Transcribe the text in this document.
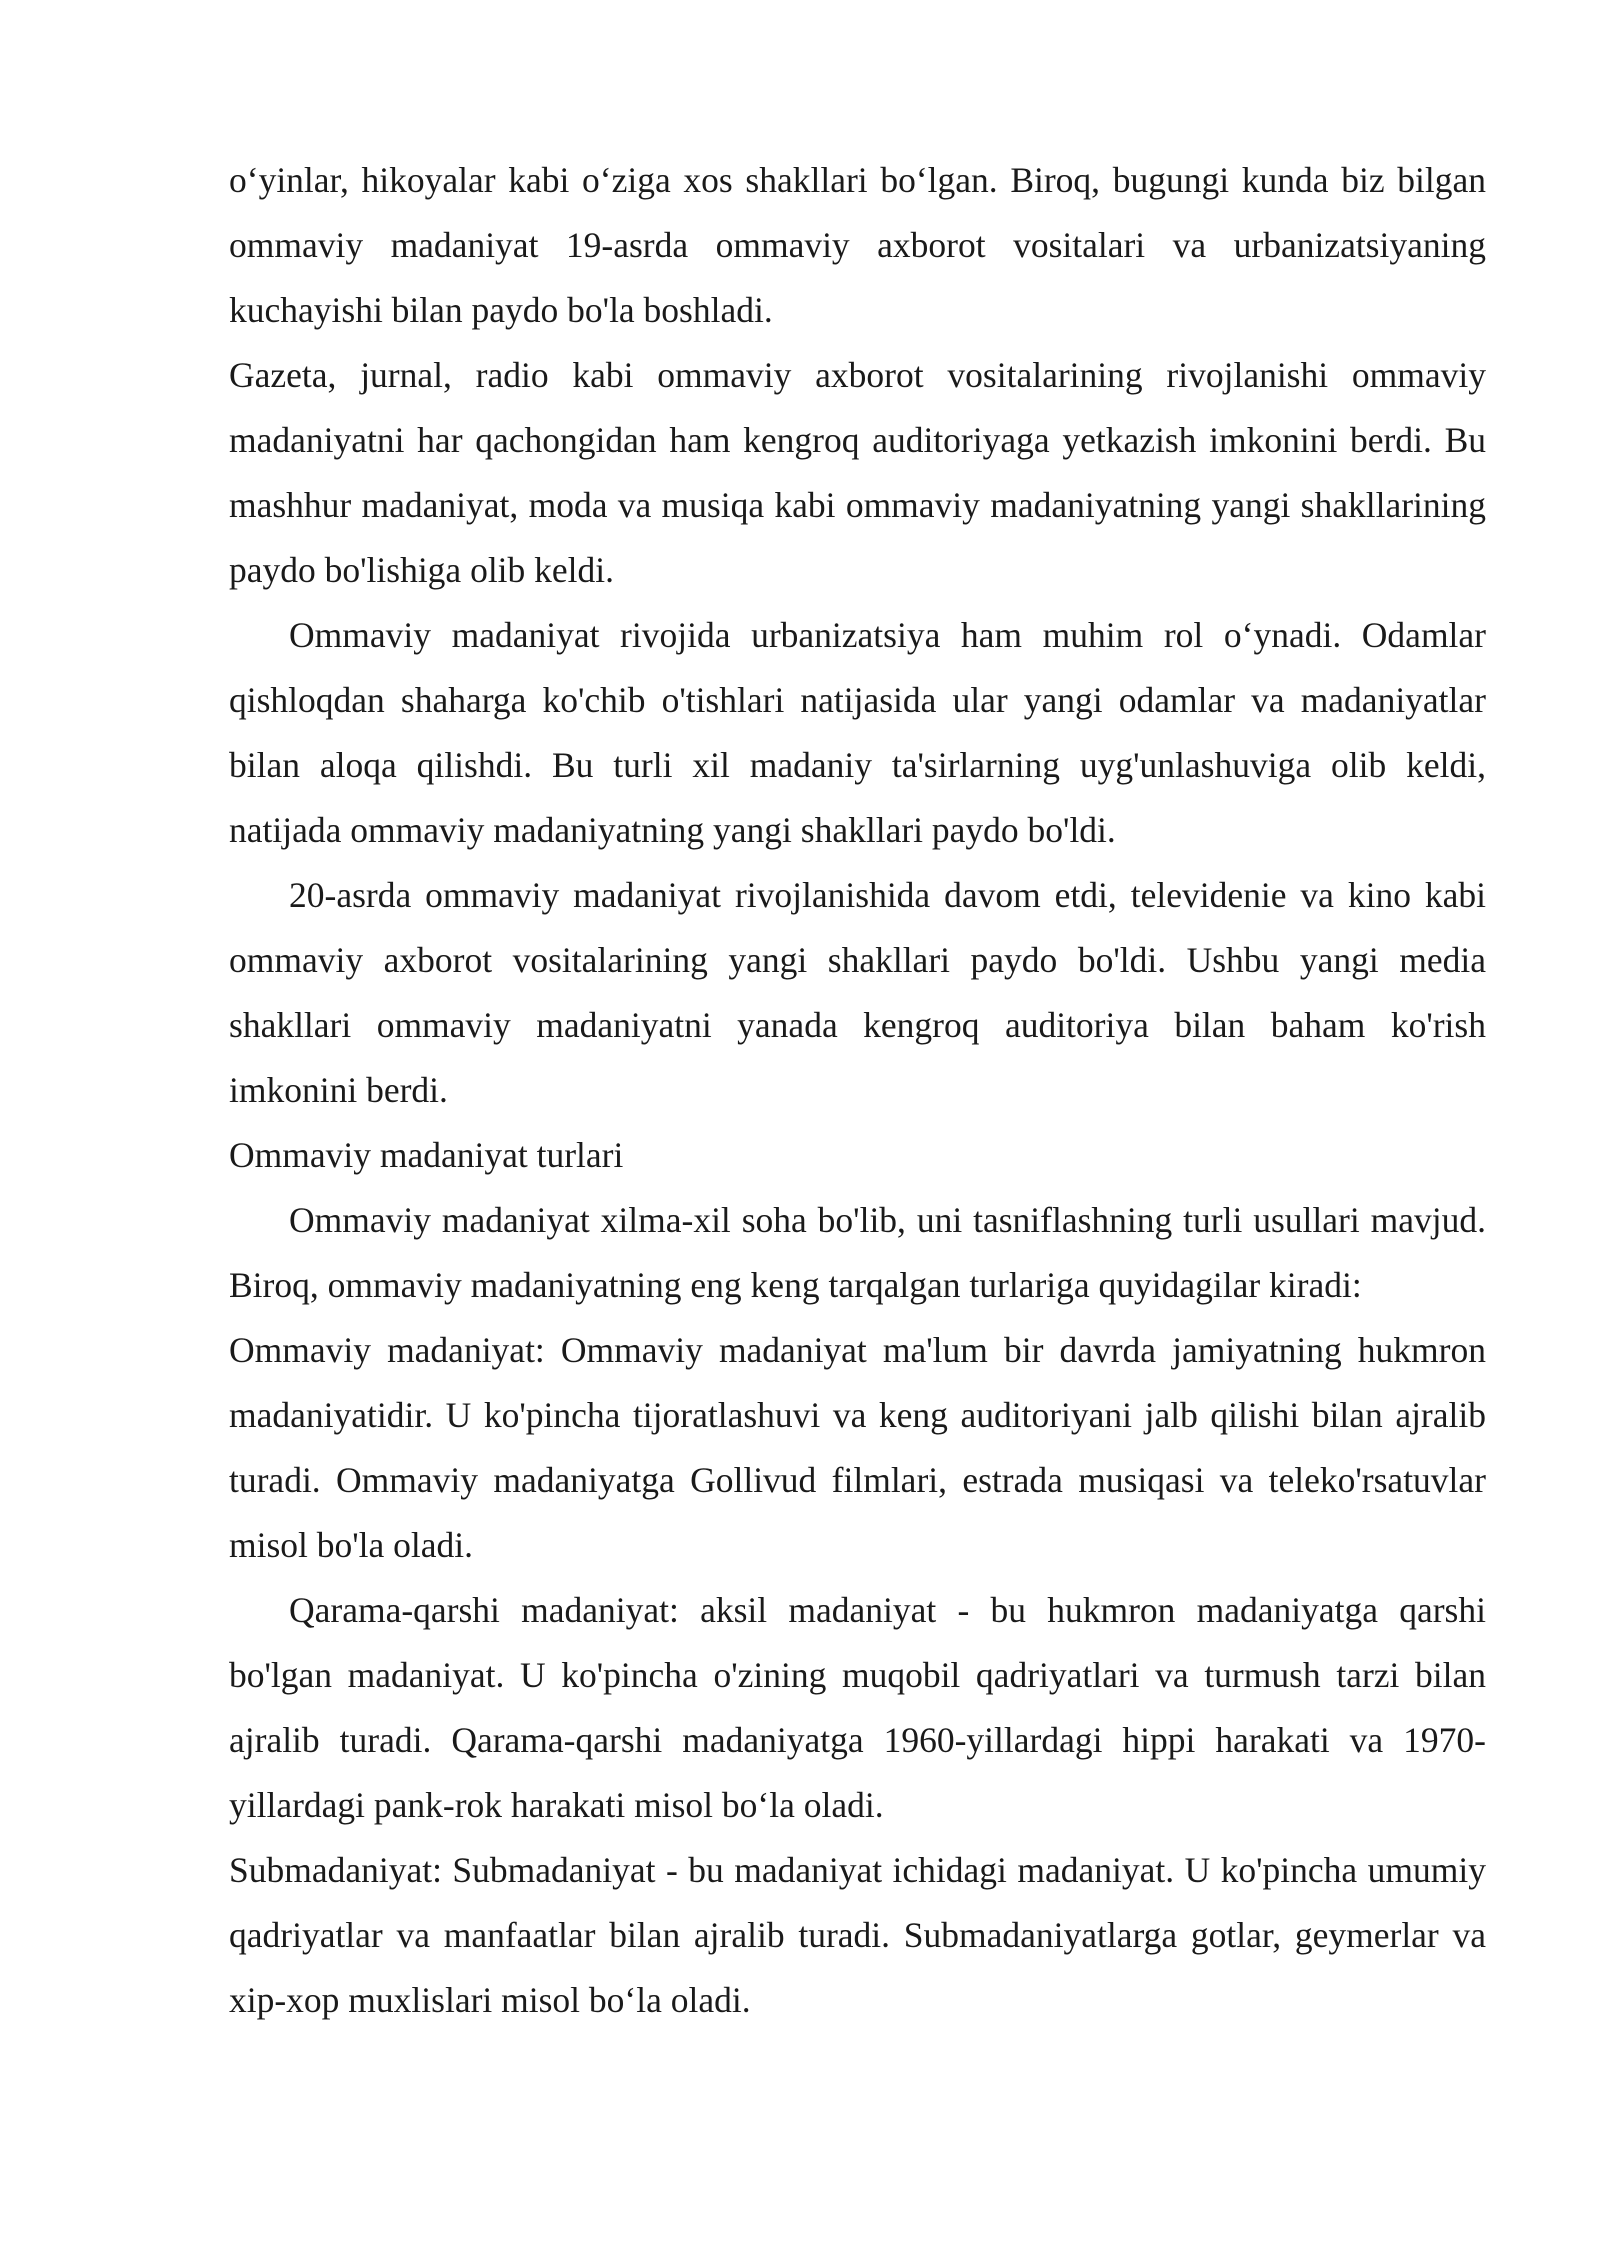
o‘yinlar, hikoyalar kabi o‘ziga xos shakllari bo‘lgan. Biroq, bugungi kunda biz bilgan ommaviy madaniyat 19-asrda ommaviy axborot vositalari va urbanizatsiyaning kuchayishi bilan paydo bo'la boshladi.

Gazeta, jurnal, radio kabi ommaviy axborot vositalarining rivojlanishi ommaviy madaniyatni har qachongidan ham kengroq auditoriyaga yetkazish imkonini berdi. Bu mashhur madaniyat, moda va musiqa kabi ommaviy madaniyatning yangi shakllarining paydo bo'lishiga olib keldi.

Ommaviy madaniyat rivojida urbanizatsiya ham muhim rol o‘ynadi. Odamlar qishloqdan shaharga ko'chib o'tishlari natijasida ular yangi odamlar va madaniyatlar bilan aloqa qilishdi. Bu turli xil madaniy ta'sirlarning uyg'unlashuviga olib keldi, natijada ommaviy madaniyatning yangi shakllari paydo bo'ldi.

20-asrda ommaviy madaniyat rivojlanishida davom etdi, televidenie va kino kabi ommaviy axborot vositalarining yangi shakllari paydo bo'ldi. Ushbu yangi media shakllari ommaviy madaniyatni yanada kengroq auditoriya bilan baham ko'rish imkonini berdi.

Ommaviy madaniyat turlari

Ommaviy madaniyat xilma-xil soha bo'lib, uni tasniflashning turli usullari mavjud. Biroq, ommaviy madaniyatning eng keng tarqalgan turlariga quyidagilar kiradi:

Ommaviy madaniyat: Ommaviy madaniyat ma'lum bir davrda jamiyatning hukmron madaniyatidir. U ko'pincha tijoratlashuvi va keng auditoriyani jalb qilishi bilan ajralib turadi. Ommaviy madaniyatga Gollivud filmlari, estrada musiqasi va teleko'rsatuvlar misol bo'la oladi.

Qarama-qarshi madaniyat: aksil madaniyat - bu hukmron madaniyatga qarshi bo'lgan madaniyat. U ko'pincha o'zining muqobil qadriyatlari va turmush tarzi bilan ajralib turadi. Qarama-qarshi madaniyatga 1960-yillardagi hippi harakati va 1970-yillardagi pank-rok harakati misol bo‘la oladi.

Submadaniyat: Submadaniyat - bu madaniyat ichidagi madaniyat. U ko'pincha umumiy qadriyatlar va manfaatlar bilan ajralib turadi. Submadaniyatlarga gotlar, geymerlar va xip-xop muxlislari misol bo‘la oladi.
